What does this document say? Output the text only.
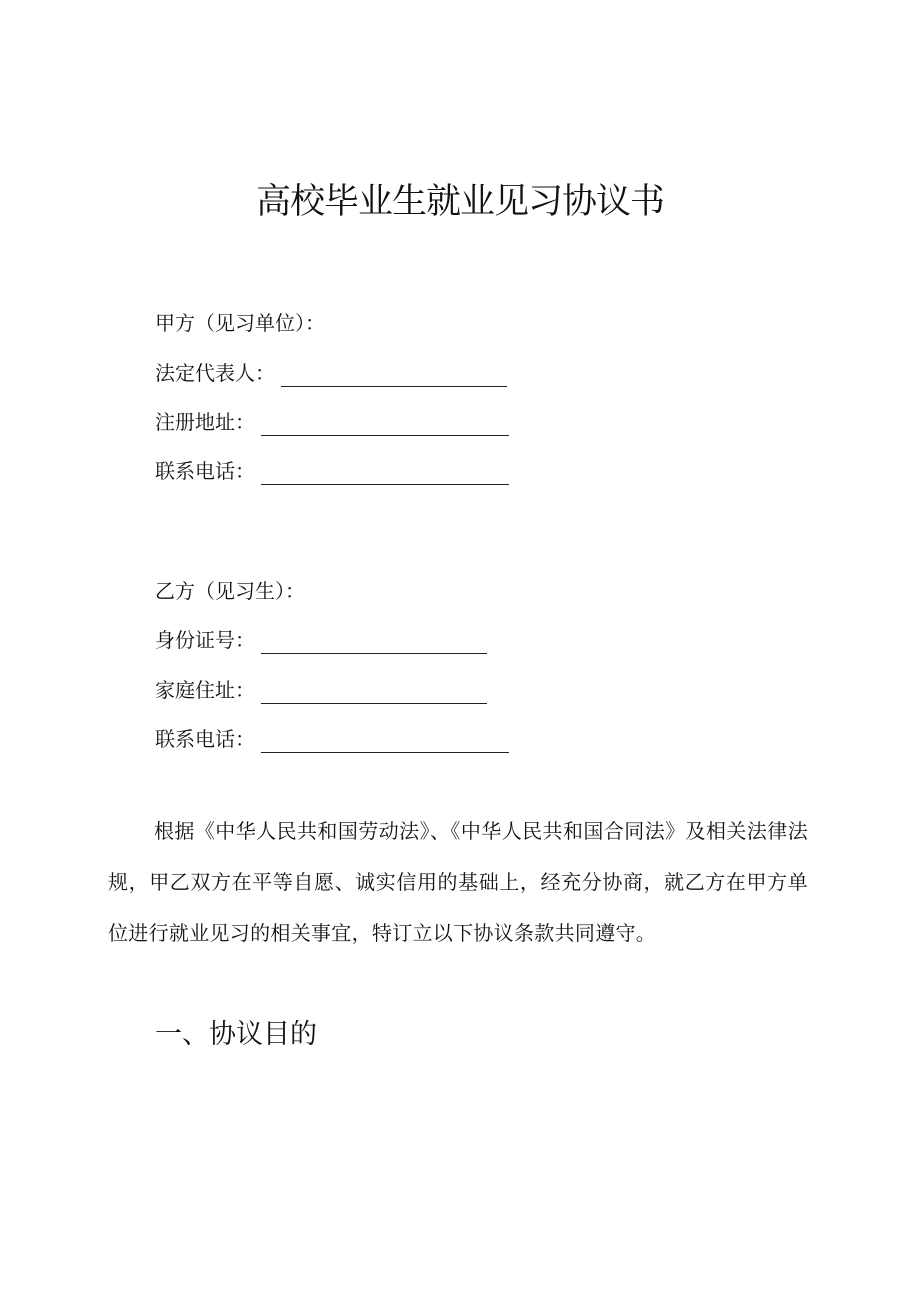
高校毕业生就业见习协议书
甲方（见习单位）：
法定代表人：
注册地址：
联系电话：
乙方（见习生）：
身份证号：
家庭住址：
联系电话：

根据《中华人民共和国劳动法》、《中华人民共和国合同法》及相关法律法规，甲乙双方在平等自愿、诚实信用的基础上，经充分协商，就乙方在甲方单位进行就业见习的相关事宜，特订立以下协议条款共同遵守。

一、协议目的
